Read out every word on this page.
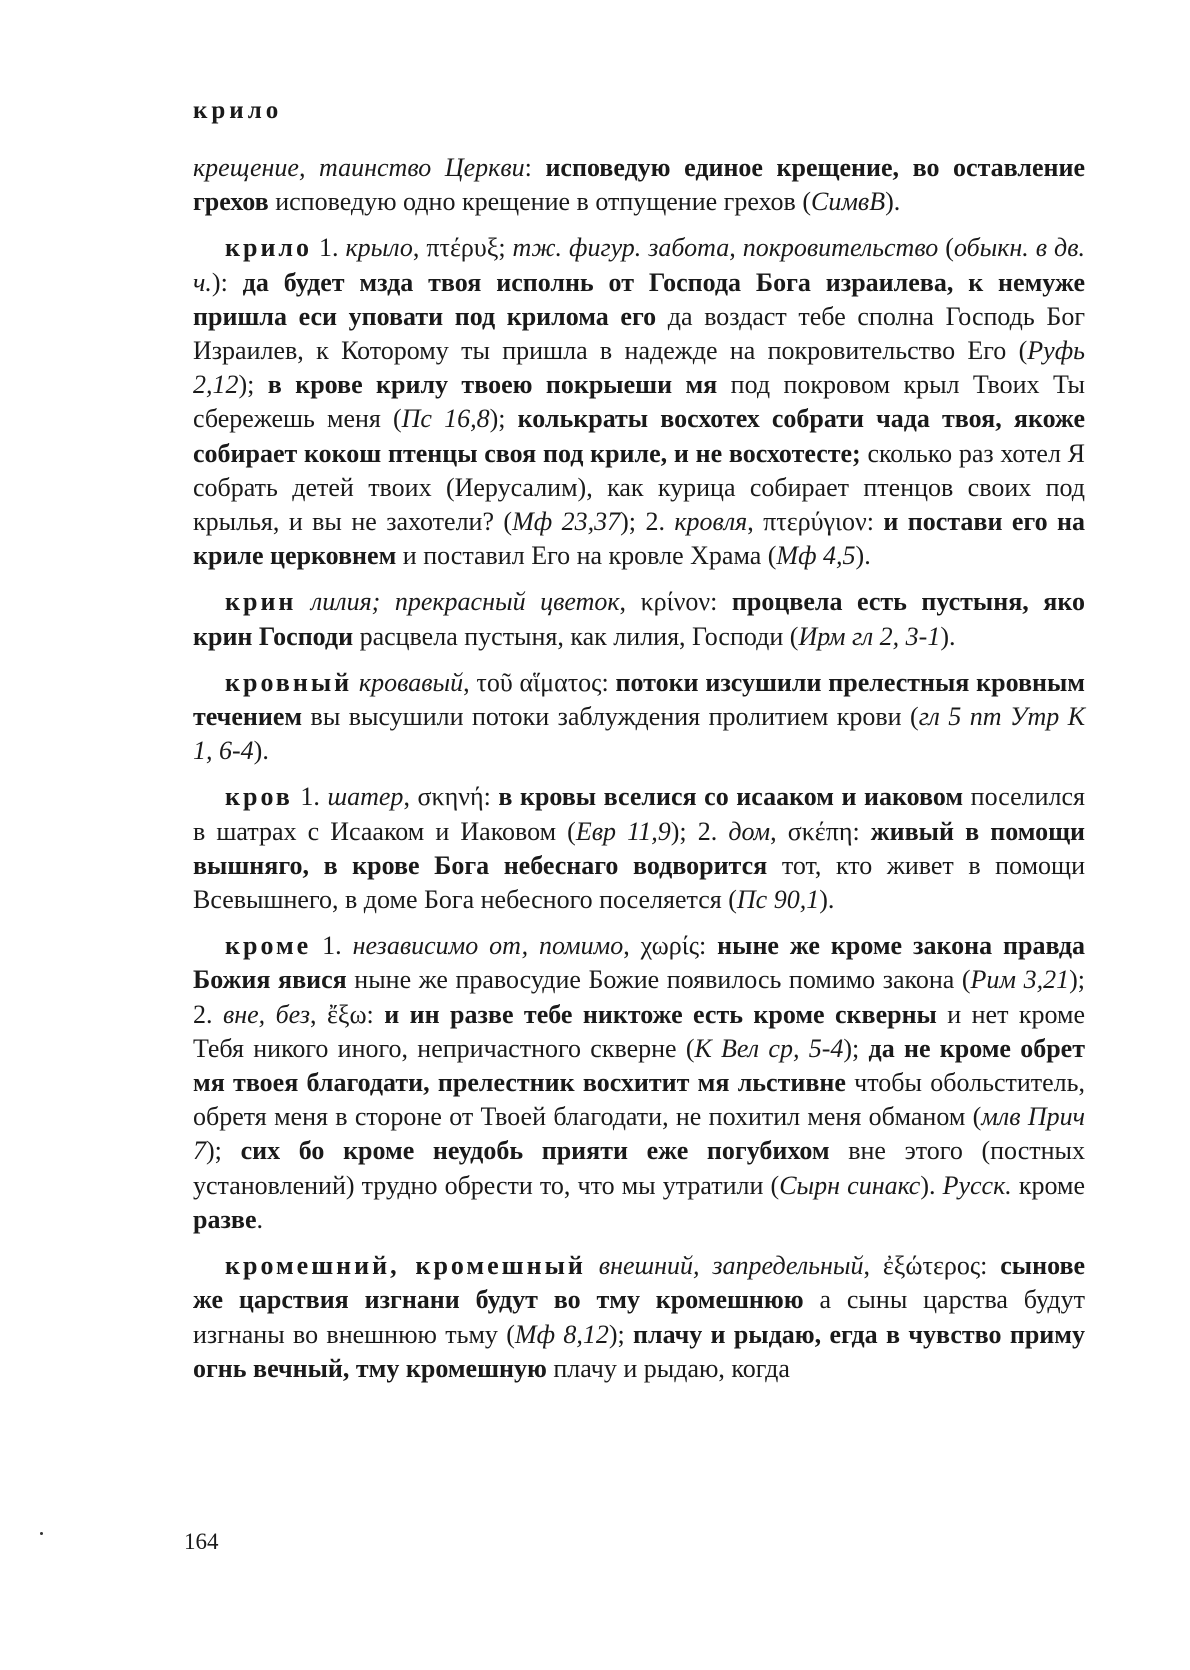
крило

крещение, таинство Церкви: исповедую единое крещение, во оставление грехов исповедую одно крещение в отпущение грехов (СимвВ).

крило 1. крыло, πτέρυξ; тж. фигур. забота, покровительство (обыкн. в дв. ч.): да будет мзда твоя исполнь от Господа Бога израилева, к немуже пришла еси уповати под крилома его да воздаст тебе сполна Господь Бог Израилев, к Которому ты пришла в надежде на покровительство Его (Руфь 2,12); в крове крилу твоею покрыеши мя под покровом крыл Твоих Ты сбережешь меня (Пс 16,8); колькраты восхотех собрати чада твоя, якоже собирает кокош птенцы своя под криле, и не восхотесте; сколько раз хотел Я собрать детей твоих (Иерусалим), как курица собирает птенцов своих под крылья, и вы не захотели? (Мф 23,37); 2. кровля, πτερύγιον: и постави его на криле церковнем и поставил Его на кровле Храма (Мф 4,5).

крин лилия; прекрасный цветок, κρίνον: процвела есть пустыня, яко крин Господи расцвела пустыня, как лилия, Господи (Ирм гл 2, 3-1).

кровный кровавый, τοῦ αἵματος: потоки изсушили прелестныя кровным течением вы высушили потоки заблуждения пролитием крови (гл 5 пт Утр К 1, 6-4).

кров 1. шатер, σκηνή: в кровы вселися со исааком и иаковом поселился в шатрах с Исааком и Иаковом (Евр 11,9); 2. дом, σκέπη: живый в помощи вышняго, в крове Бога небеснаго водворится тот, кто живет в помощи Всевышнего, в доме Бога небесного поселяется (Пс 90,1).

кроме 1. независимо от, помимо, χωρίς: ныне же кроме закона правда Божия явися ныне же правосудие Божие появилось помимо закона (Рим 3,21); 2. вне, без, ἔξω: и ин разве тебе никтоже есть кроме скверны и нет кроме Тебя никого иного, непричастного скверне (К Вел ср, 5-4); да не кроме обрет мя твоея благодати, прелестник восхитит мя льстивне чтобы обольститель, обретя меня в стороне от Твоей благодати, не похитил меня обманом (млв Прич 7); сих бо кроме неудобь прияти еже погубихом вне этого (постных установлений) трудно обрести то, что мы утратили (Сырн синакс). Русск. кроме разве.

кромешний, кромешный внешний, запредельный, ἐξώτερος: сынове же царствия изгнани будут во тму кромешнюю а сыны царства будут изгнаны во внешнюю тьму (Мф 8,12); плачу и рыдаю, егда в чувство приму огнь вечный, тму кромешную плачу и рыдаю, когда

164
